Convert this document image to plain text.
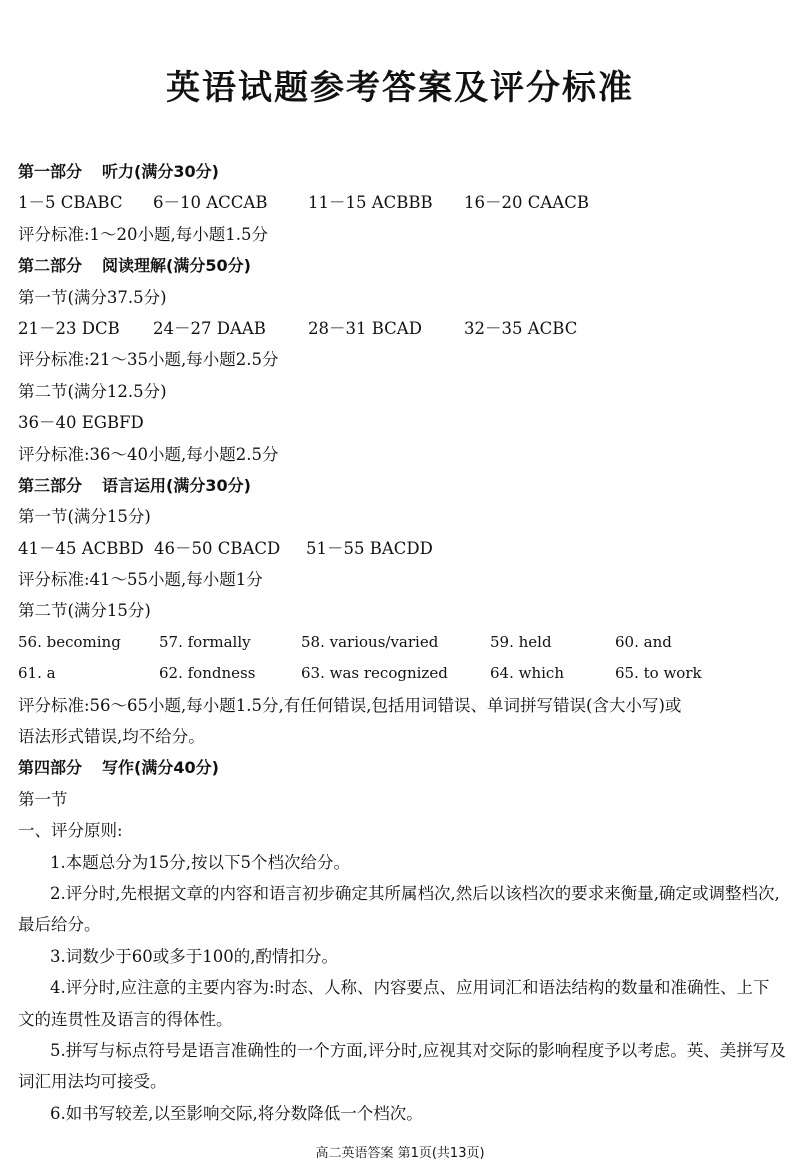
英语试题参考答案及评分标准
第一部分 听力(满分30分)
1－5 CBABC 6－10 ACCAB 11－15 ACBBB 16－20 CAACB
评分标准:1～20小题,每小题1.5分
第二部分 阅读理解(满分50分)
第一节(满分37.5分)
21－23 DCB 24－27 DAAB	28－31 BCAD	32－35 ACBC
评分标准:21～35小题,每小题2.5分
第二节(满分12.5分)
36－40 EGBFD
评分标准:36～40小题,每小题2.5分
第三部分 语言运用(满分30分)
第一节(满分15分)
41－45 ACBBD 46－50 CBACD 51－55 BACDD
评分标准:41～55小题,每小题1分
第二节(满分15分)
56. becoming	57. formally	58. various/varied	59. held	60. and
61. a	62. fondness	63. was recognized	64. which	65. to work
评分标准:56～65小题,每小题1.5分,有任何错误,包括用词错误、单词拼写错误(含大小写)或
语法形式错误,均不给分。
第四部分 写作(满分40分)
第一节
一、评分原则:
1.本题总分为15分,按以下5个档次给分。
2.评分时,先根据文章的内容和语言初步确定其所属档次,然后以该档次的要求来衡量,确定或调整档次,最后给分。
3.词数少于60或多于100的,酌情扣分。
4.评分时,应注意的主要内容为:时态、人称、内容要点、应用词汇和语法结构的数量和准确性、上下文的连贯性及语言的得体性。
5.拼写与标点符号是语言准确性的一个方面,评分时,应视其对交际的影响程度予以考虑。英、美拼写及词汇用法均可接受。
6.如书写较差,以至影响交际,将分数降低一个档次。
高二英语答案 第1页(共13页)
